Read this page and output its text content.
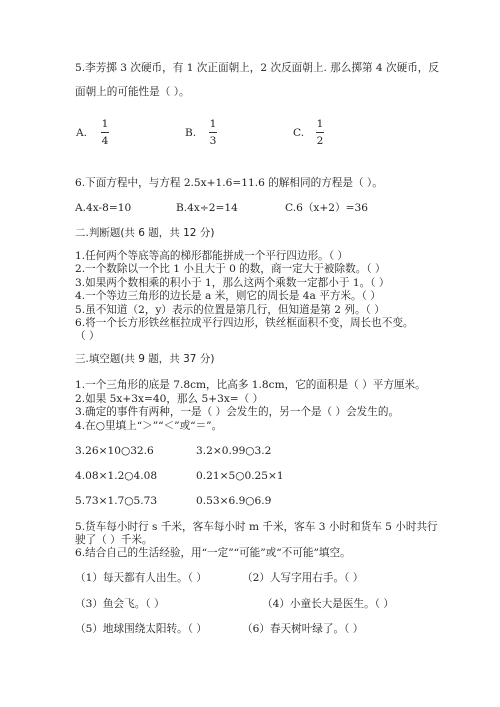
5.李芳掷 3 次硬币，有 1 次正面朝上，2 次反面朝上. 那么掷第 4 次硬币，反
面朝上的可能性是（ ）。
A.
1
4
B.
1
3
C.
1
2
6.下面方程中，与方程 2.5x+1.6=11.6 的解相同的方程是（ ）。
A.4x-8=10	B.4x÷2=14	C.6（x+2）=36
二.判断题(共 6 题，共 12 分)
1.任何两个等底等高的梯形都能拼成一个平行四边形。（ ）
2.一个数除以一个比 1 小且大于 0 的数，商一定大于被除数。（ ）
3.如果两个数相乘的积小于 1，那么这两个乘数一定都小于 1。（ ）
4.一个等边三角形的边长是 a 米，则它的周长是 4a 平方米。（ ）
5.虽不知道（2，y）表示的位置是第几行，但知道是第 2 列。（ ）
6.将一个长方形铁丝框拉成平行四边形，铁丝框面积不变，周长也不变。
（ ）
三.填空题(共 9 题，共 37 分)
1.一个三角形的底是 7.8cm，比高多 1.8cm，它的面积是（ ）平方厘米。
2.如果 5x+3x=40，那么 5+3x=（ ）
3.确定的事件有两种，一是（ ）会发生的，另一个是（ ）会发生的。
4.在○里填上“＞”“＜”或“＝”。
3.26×10○32.6	3.2×0.99○3.2
4.08×1.2○4.08	0.21×5○0.25×1
5.73×1.7○5.73	0.53×6.9○6.9
5.货车每小时行 s 千米，客车每小时 m 千米，客车 3 小时和货车 5 小时共行
驶了（ ）千米。
6.结合自己的生活经验，用“一定”“可能”或“不可能”填空。
（1）每天都有人出生。（ ）	（2）人写字用右手。（ ）
（3）鱼会飞。（ ）	（4）小童长大是医生。（ ）
（5）地球围绕太阳转。（ ）	（6）春天树叶绿了。（ ）
